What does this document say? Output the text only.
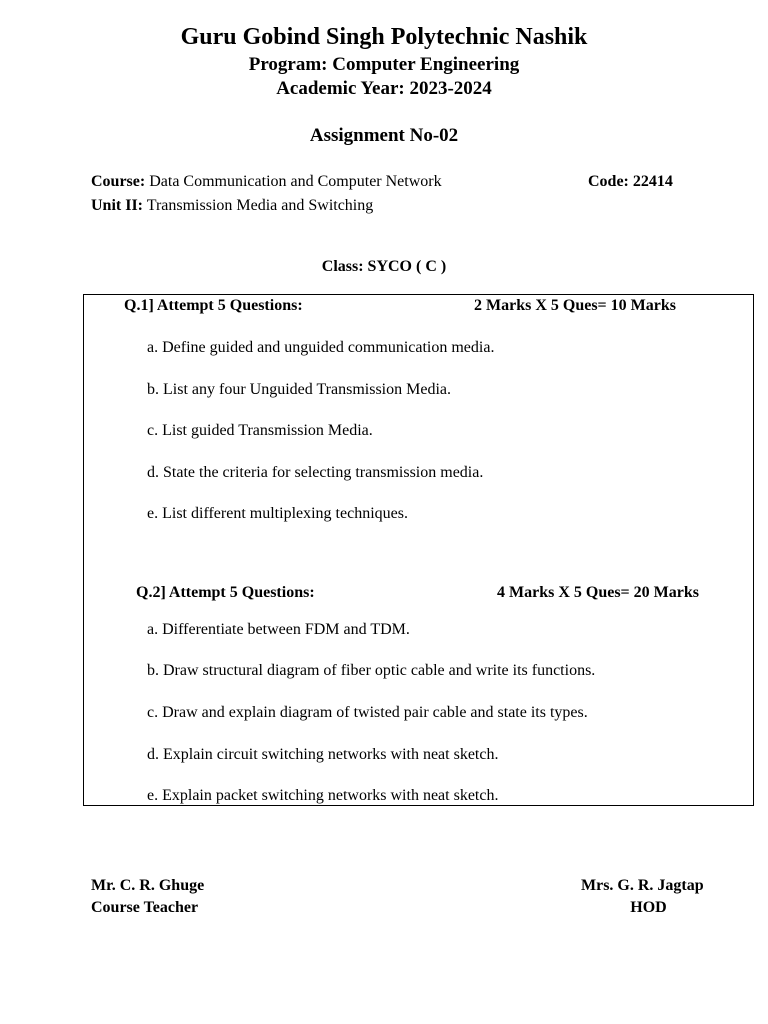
Guru Gobind Singh Polytechnic Nashik
Program: Computer Engineering
Academic Year: 2023-2024
Assignment No-02
Course: Data Communication and Computer Network	Code: 22414
Unit II: Transmission Media and Switching
Class: SYCO ( C )
Q.1] Attempt 5 Questions:	2 Marks X 5 Ques= 10 Marks
a. Define guided and unguided communication media.
b. List any four Unguided Transmission Media.
c. List guided Transmission Media.
d. State the criteria for selecting transmission media.
e. List different multiplexing techniques.
Q.2] Attempt 5 Questions:	4 Marks X 5 Ques= 20 Marks
a. Differentiate between FDM and TDM.
b. Draw structural diagram of fiber optic cable and write its functions.
c. Draw and explain diagram of twisted pair cable and state its types.
d. Explain circuit switching networks with neat sketch.
e. Explain packet switching networks with neat sketch.
Mr. C. R. Ghuge
Course Teacher
Mrs. G. R. Jagtap
HOD
